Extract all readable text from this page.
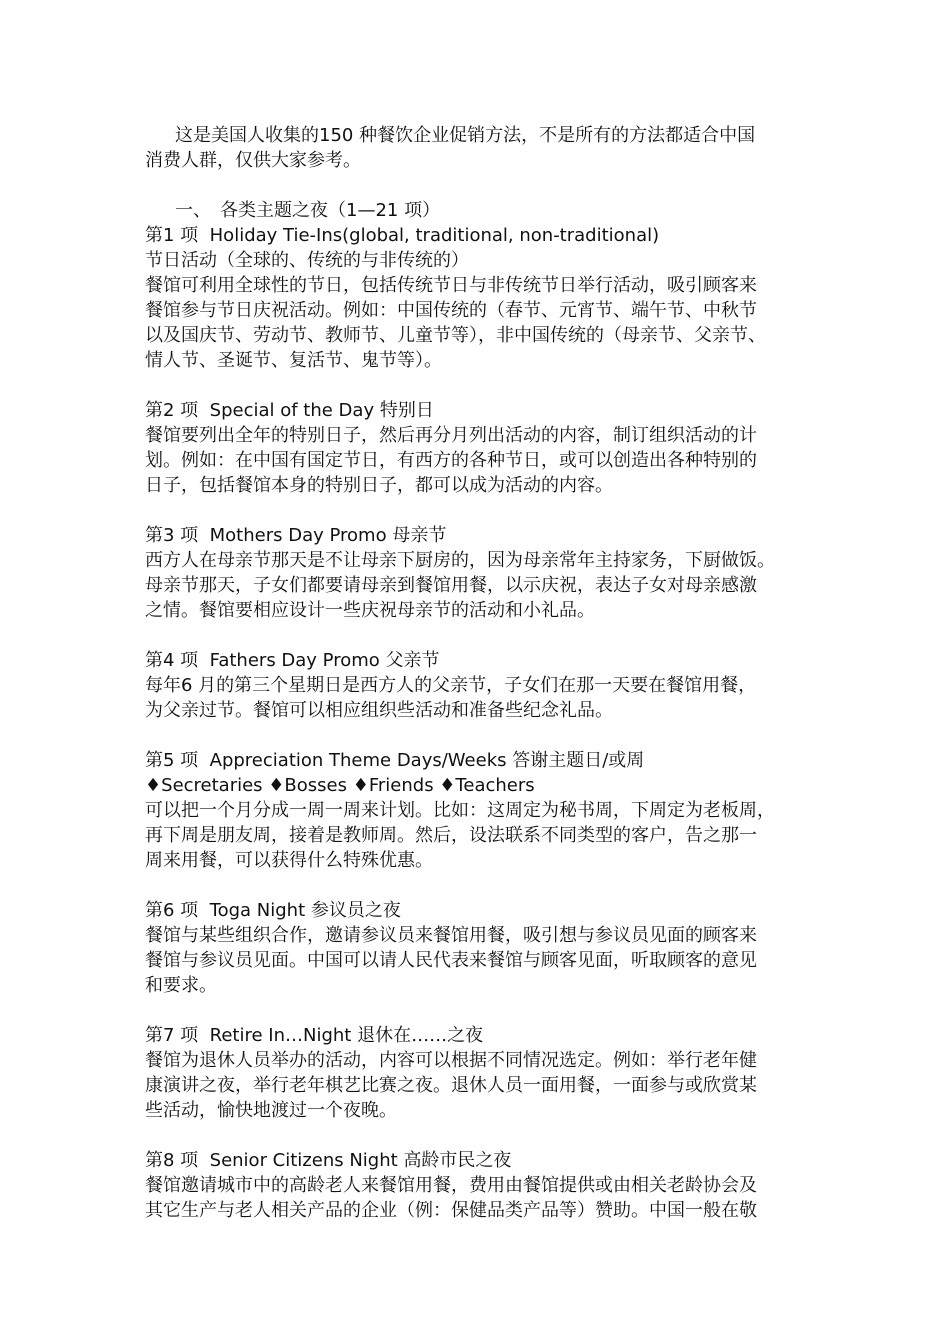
这是美国人收集的150 种餐饮企业促销方法，不是所有的方法都适合中国

消费人群，仅供大家参考。

一、 各类主题之夜（1—21 项）

第1 项 Holiday Tie-Ins(global, traditional, non-traditional)

节日活动（全球的、传统的与非传统的）

餐馆可利用全球性的节日，包括传统节日与非传统节日举行活动，吸引顾客来

餐馆参与节日庆祝活动。例如：中国传统的（春节、元宵节、端午节、中秋节

以及国庆节、劳动节、教师节、儿童节等），非中国传统的（母亲节、父亲节、

情人节、圣诞节、复活节、鬼节等）。

第2 项 Special of the Day 特别日

餐馆要列出全年的特别日子，然后再分月列出活动的内容，制订组织活动的计

划。例如：在中国有国定节日，有西方的各种节日，或可以创造出各种特别的

日子，包括餐馆本身的特别日子，都可以成为活动的内容。

第3 项 Mothers Day Promo 母亲节

西方人在母亲节那天是不让母亲下厨房的，因为母亲常年主持家务，下厨做饭。

母亲节那天，子女们都要请母亲到餐馆用餐，以示庆祝，表达子女对母亲感激

之情。餐馆要相应设计一些庆祝母亲节的活动和小礼品。

第4 项 Fathers Day Promo 父亲节

每年6 月的第三个星期日是西方人的父亲节，子女们在那一天要在餐馆用餐，

为父亲过节。餐馆可以相应组织些活动和准备些纪念礼品。

第5 项 Appreciation Theme Days/Weeks 答谢主题日/或周

♦Secretaries ♦Bosses ♦Friends ♦Teachers

可以把一个月分成一周一周来计划。比如：这周定为秘书周，下周定为老板周，

再下周是朋友周，接着是教师周。然后，设法联系不同类型的客户，告之那一

周来用餐，可以获得什么特殊优惠。

第6 项 Toga Night 参议员之夜

餐馆与某些组织合作，邀请参议员来餐馆用餐，吸引想与参议员见面的顾客来

餐馆与参议员见面。中国可以请人民代表来餐馆与顾客见面，听取顾客的意见

和要求。

第7 项 Retire In…Night 退休在……之夜

餐馆为退休人员举办的活动，内容可以根据不同情况选定。例如：举行老年健

康演讲之夜，举行老年棋艺比赛之夜。退休人员一面用餐，一面参与或欣赏某

些活动，愉快地渡过一个夜晚。

第8 项 Senior Citizens Night 高龄市民之夜

餐馆邀请城市中的高龄老人来餐馆用餐，费用由餐馆提供或由相关老龄协会及

其它生产与老人相关产品的企业（例：保健品类产品等）赞助。中国一般在敬
